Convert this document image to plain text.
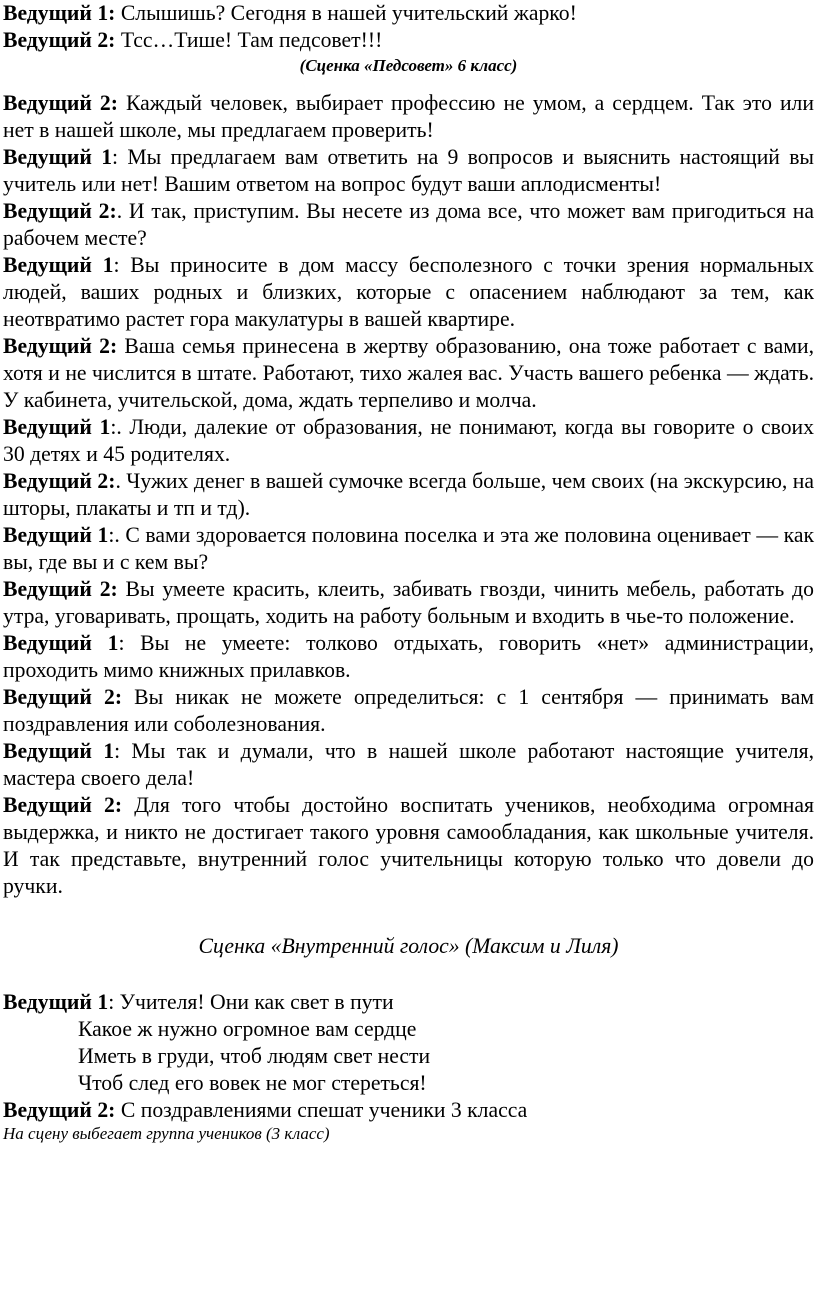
Ведущий 1: Слышишь? Сегодня в нашей учительский жарко!

Ведущий 2: Тсс…Тише! Там педсовет!!!

(Сценка «Педсовет» 6 класс)

Ведущий 2: Каждый человек, выбирает профессию не умом, а сердцем. Так это или нет в нашей школе, мы предлагаем проверить!

Ведущий 1: Мы предлагаем вам ответить на 9 вопросов и выяснить настоящий вы учитель или нет! Вашим ответом на вопрос будут ваши аплодисменты!

Ведущий 2:. И так, приступим. Вы несете из дома все, что может вам пригодиться на рабочем месте?

Ведущий 1: Вы приносите в дом массу бесполезного с точки зрения нормальных людей, ваших родных и близких, которые с опасением наблюдают за тем, как неотвратимо растет гора макулатуры в вашей квартире.

Ведущий 2: Ваша семья принесена в жертву образованию, она тоже работает с вами, хотя и не числится в штате. Работают, тихо жалея вас. Участь вашего ребенка — ждать. У кабинета, учительской, дома, ждать терпеливо и молча.

Ведущий 1:. Люди, далекие от образования, не понимают, когда вы говорите о своих 30 детях и 45 родителях.

Ведущий 2:. Чужих денег в вашей сумочке всегда больше, чем своих (на экскурсию, на шторы, плакаты и тп и тд).

Ведущий 1:. С вами здоровается половина поселка и эта же половина оценивает — как вы, где вы и с кем вы?

Ведущий 2: Вы умеете красить, клеить, забивать гвозди, чинить мебель, работать до утра, уговаривать, прощать, ходить на работу больным и входить в чье-то положение.

Ведущий 1: Вы не умеете: толково отдыхать, говорить «нет» администрации, проходить мимо книжных прилавков.

Ведущий 2: Вы никак не можете определиться: с 1 сентября — принимать вам поздравления или соболезнования.

Ведущий 1: Мы так и думали, что в нашей школе работают настоящие учителя, мастера своего дела!

Ведущий 2: Для того чтобы достойно воспитать учеников, необходима огромная выдержка, и никто не достигает такого уровня самообладания, как школьные учителя. И так представьте, внутренний голос учительницы которую только что довели до ручки.

Сценка «Внутренний голос» (Максим и Лиля)

Ведущий 1: Учителя! Они как свет в пути

Какое ж нужно огромное вам сердце

Иметь в груди, чтоб людям свет нести

Чтоб след его вовек не мог стереться!

Ведущий 2: С поздравлениями спешат ученики 3 класса

На сцену выбегает группа учеников (3 класс)
